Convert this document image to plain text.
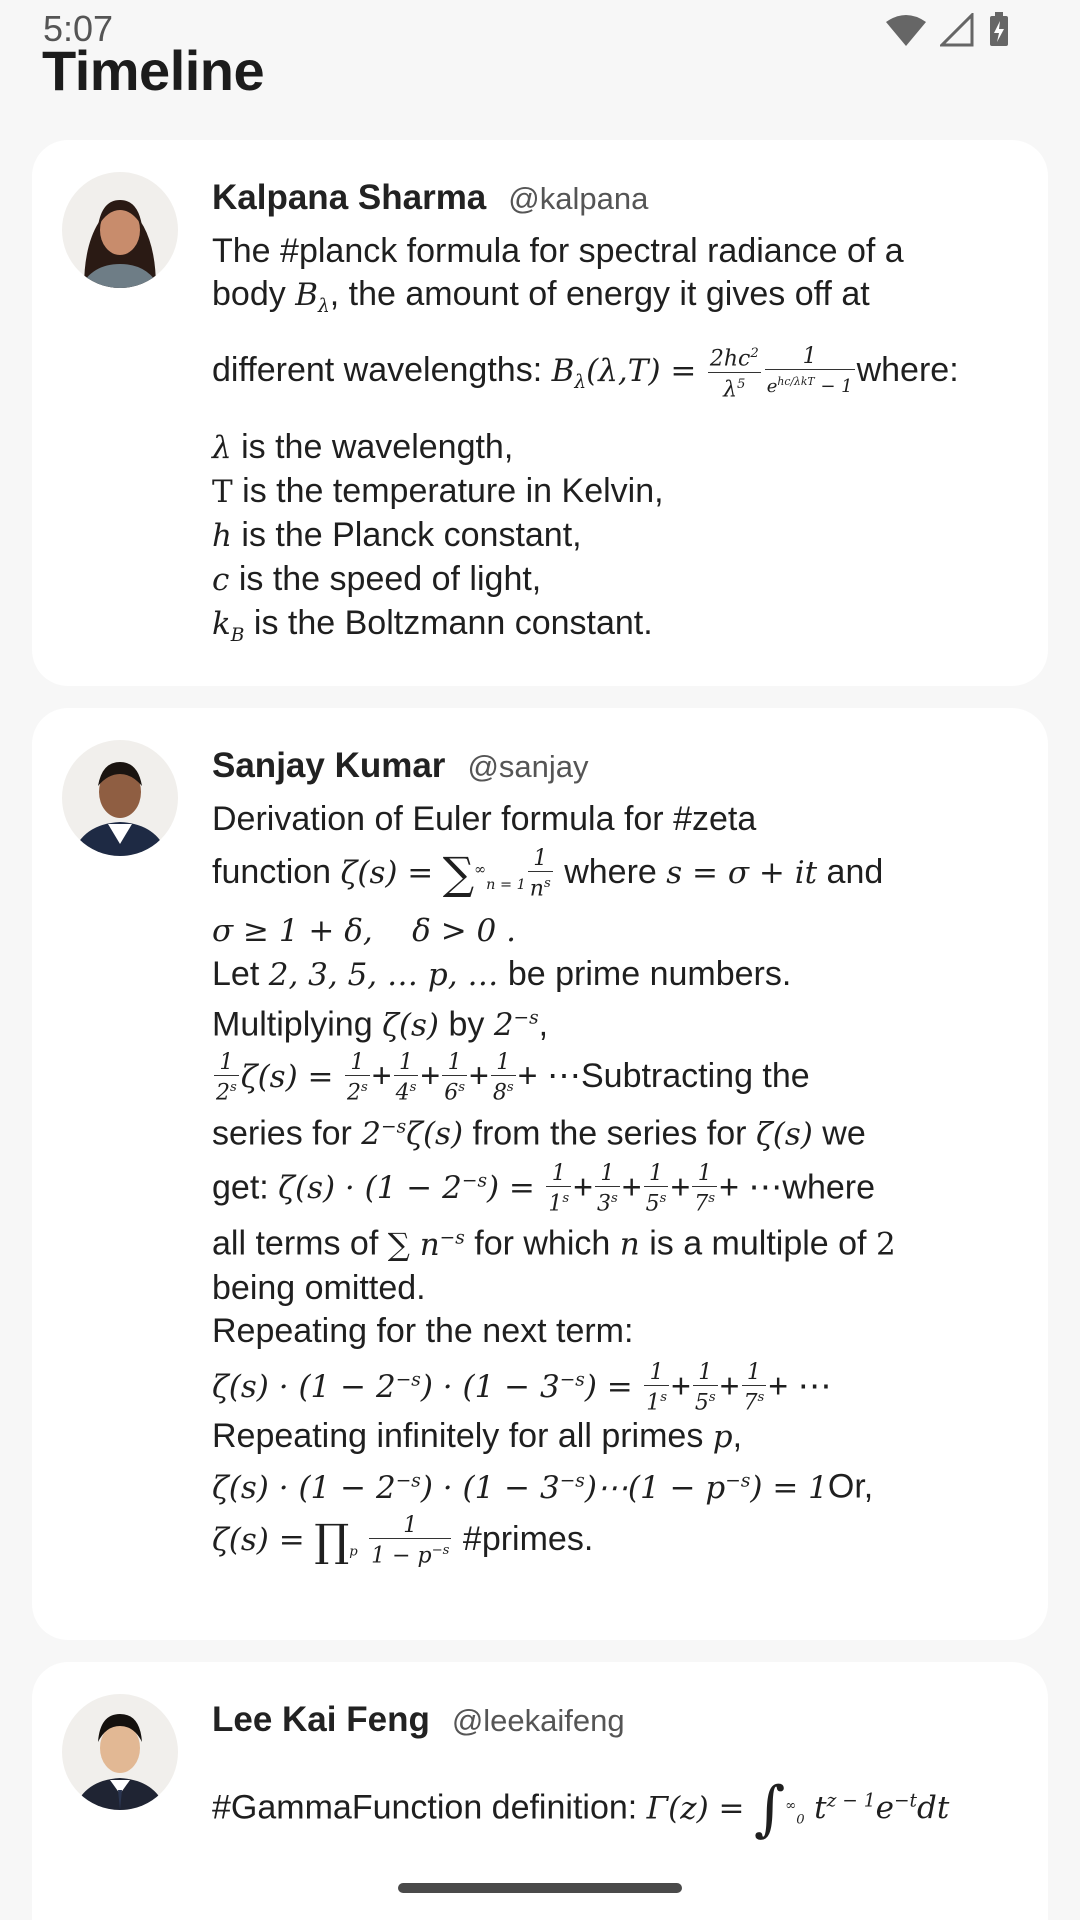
5:07
Timeline
Kalpana Sharma @kalpana
The #planck formula for spectral radiance of a
body $B_\lambda$, the amount of energy it gives off at
different wavelengths: $B_\lambda(\lambda,T) = \frac{2hc^2}{\lambda^5} \frac{1}{e^{hc/\lambda kT} - 1}$ where:
λ is the wavelength,
T is the temperature in Kelvin,
h is the Planck constant,
c is the speed of light,
$k_B$ is the Boltzmann constant.
Sanjay Kumar @sanjay
Derivation of Euler formula for #zeta
function $\zeta(s) = \sum^\infty_{n = 1} \frac{1}{n^s}$ where s = σ + it and
σ ≥ 1 + δ,    δ > 0 .
Let 2, 3, 5, … p, … be prime numbers.
Multiplying ζ(s) by $2^{-s}$,
$\frac{1}{2^s} \zeta(s) = \frac{1}{2^s} + \frac{1}{4^s} + \frac{1}{6^s} + \frac{1}{8^s}$ + ⋯Subtracting the
series for $2^{-s}\zeta(s)$ from the series for ζ(s) we
get: $\zeta(s) \cdot (1 - 2^{-s}) = \frac{1}{1^s} + \frac{1}{3^s} + \frac{1}{5^s} + \frac{1}{7^s}$ + ⋯where
all terms of ∑ $n^{-s}$ for which n is a multiple of 2
being omitted.
Repeating for the next term:
$\zeta(s) \cdot (1 - 2^{-s}) \cdot (1 - 3^{-s}) = \frac{1}{1^s} + \frac{1}{5^s} + \frac{1}{7^s}$ + ⋯
Repeating infinitely for all primes p,
$\zeta(s) \cdot (1 - 2^{-s}) \cdot (1$ − $3^{-s})\cdots(1 - p^{-s}) = 1Or$,
$\zeta(s) = \prod_p \frac{1}{1 - p^{-s}}$ #primes.
Lee Kai Feng @leekaifeng
#GammaFunction definition: $\Gamma(z) = \int^\infty_0$ $t^{z - 1}e^{-t}dt$
